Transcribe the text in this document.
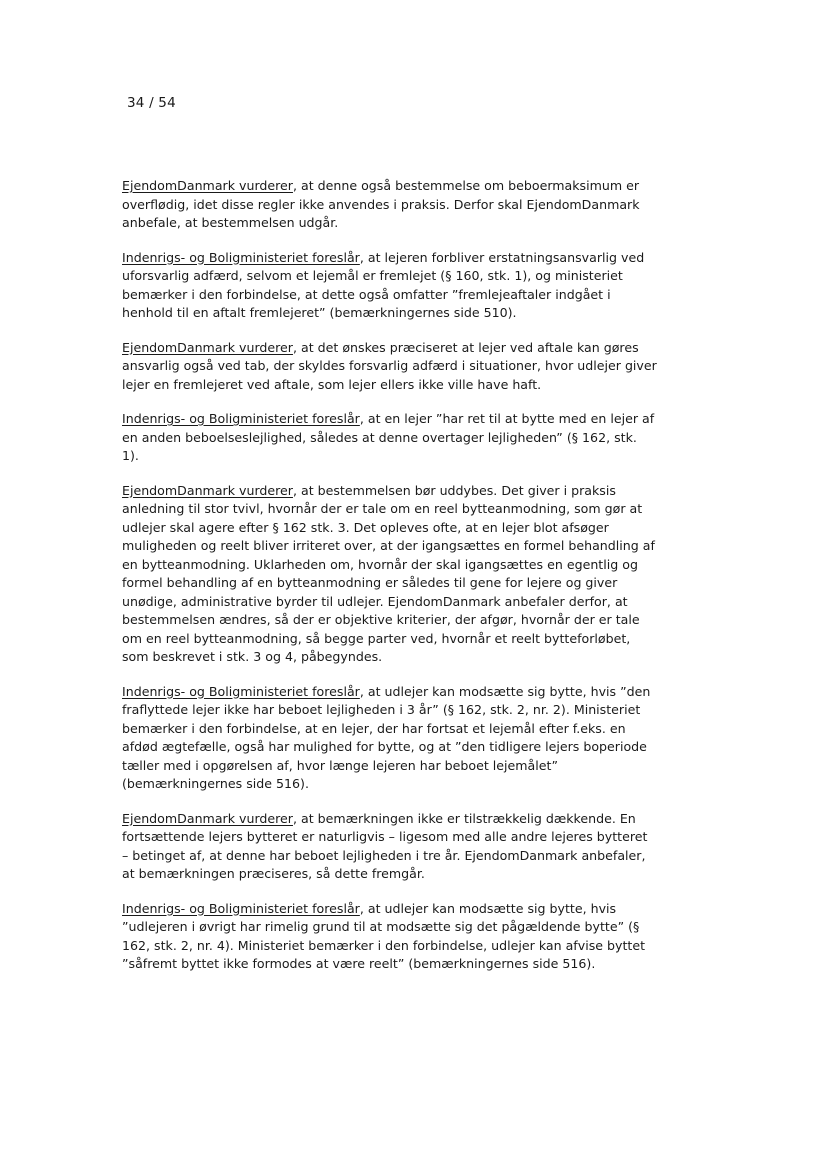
34 / 54

EjendomDanmark vurderer, at denne også bestemmelse om beboermaksimum er overflødig, idet disse regler ikke anvendes i praksis. Derfor skal EjendomDanmark anbefale, at bestemmelsen udgår.

Indenrigs- og Boligministeriet foreslår, at lejeren forbliver erstatningsansvarlig ved uforsvarlig adfærd, selvom et lejemål er fremlejet (§ 160, stk. 1), og ministeriet bemærker i den forbindelse, at dette også omfatter ”fremlejeaftaler indgået i henhold til en aftalt fremlejeret” (bemærkningernes side 510).

EjendomDanmark vurderer, at det ønskes præciseret at lejer ved aftale kan gøres ansvarlig også ved tab, der skyldes forsvarlig adfærd i situationer, hvor udlejer giver lejer en fremlejeret ved aftale, som lejer ellers ikke ville have haft.

Indenrigs- og Boligministeriet foreslår, at en lejer ”har ret til at bytte med en lejer af en anden beboelseslejlighed, således at denne overtager lejligheden” (§ 162, stk. 1).

EjendomDanmark vurderer, at bestemmelsen bør uddybes. Det giver i praksis anledning til stor tvivl, hvornår der er tale om en reel bytteanmodning, som gør at udlejer skal agere efter § 162 stk. 3. Det opleves ofte, at en lejer blot afsøger muligheden og reelt bliver irriteret over, at der igangsættes en formel behandling af en bytteanmodning. Uklarheden om, hvornår der skal igangsættes en egentlig og formel behandling af en bytteanmodning er således til gene for lejere og giver unødige, administrative byrder til udlejer. EjendomDanmark anbefaler derfor, at bestemmelsen ændres, så der er objektive kriterier, der afgør, hvornår der er tale om en reel bytteanmodning, så begge parter ved, hvornår et reelt bytteforløbet, som beskrevet i stk. 3 og 4, påbegyndes.

Indenrigs- og Boligministeriet foreslår, at udlejer kan modsætte sig bytte, hvis ”den fraflyttede lejer ikke har beboet lejligheden i 3 år” (§ 162, stk. 2, nr. 2). Ministeriet bemærker i den forbindelse, at en lejer, der har fortsat et lejemål efter f.eks. en afdød ægtefælle, også har mulighed for bytte, og at ”den tidligere lejers boperiode tæller med i opgørelsen af, hvor længe lejeren har beboet lejemålet” (bemærkningernes side 516).

EjendomDanmark vurderer, at bemærkningen ikke er tilstrækkelig dækkende. En fortsættende lejers bytteret er naturligvis – ligesom med alle andre lejeres bytteret – betinget af, at denne har beboet lejligheden i tre år. EjendomDanmark anbefaler, at bemærkningen præciseres, så dette fremgår.

Indenrigs- og Boligministeriet foreslår, at udlejer kan modsætte sig bytte, hvis ”udlejeren i øvrigt har rimelig grund til at modsætte sig det pågældende bytte” (§ 162, stk. 2, nr. 4). Ministeriet bemærker i den forbindelse, udlejer kan afvise byttet ”såfremt byttet ikke formodes at være reelt” (bemærkningernes side 516).
